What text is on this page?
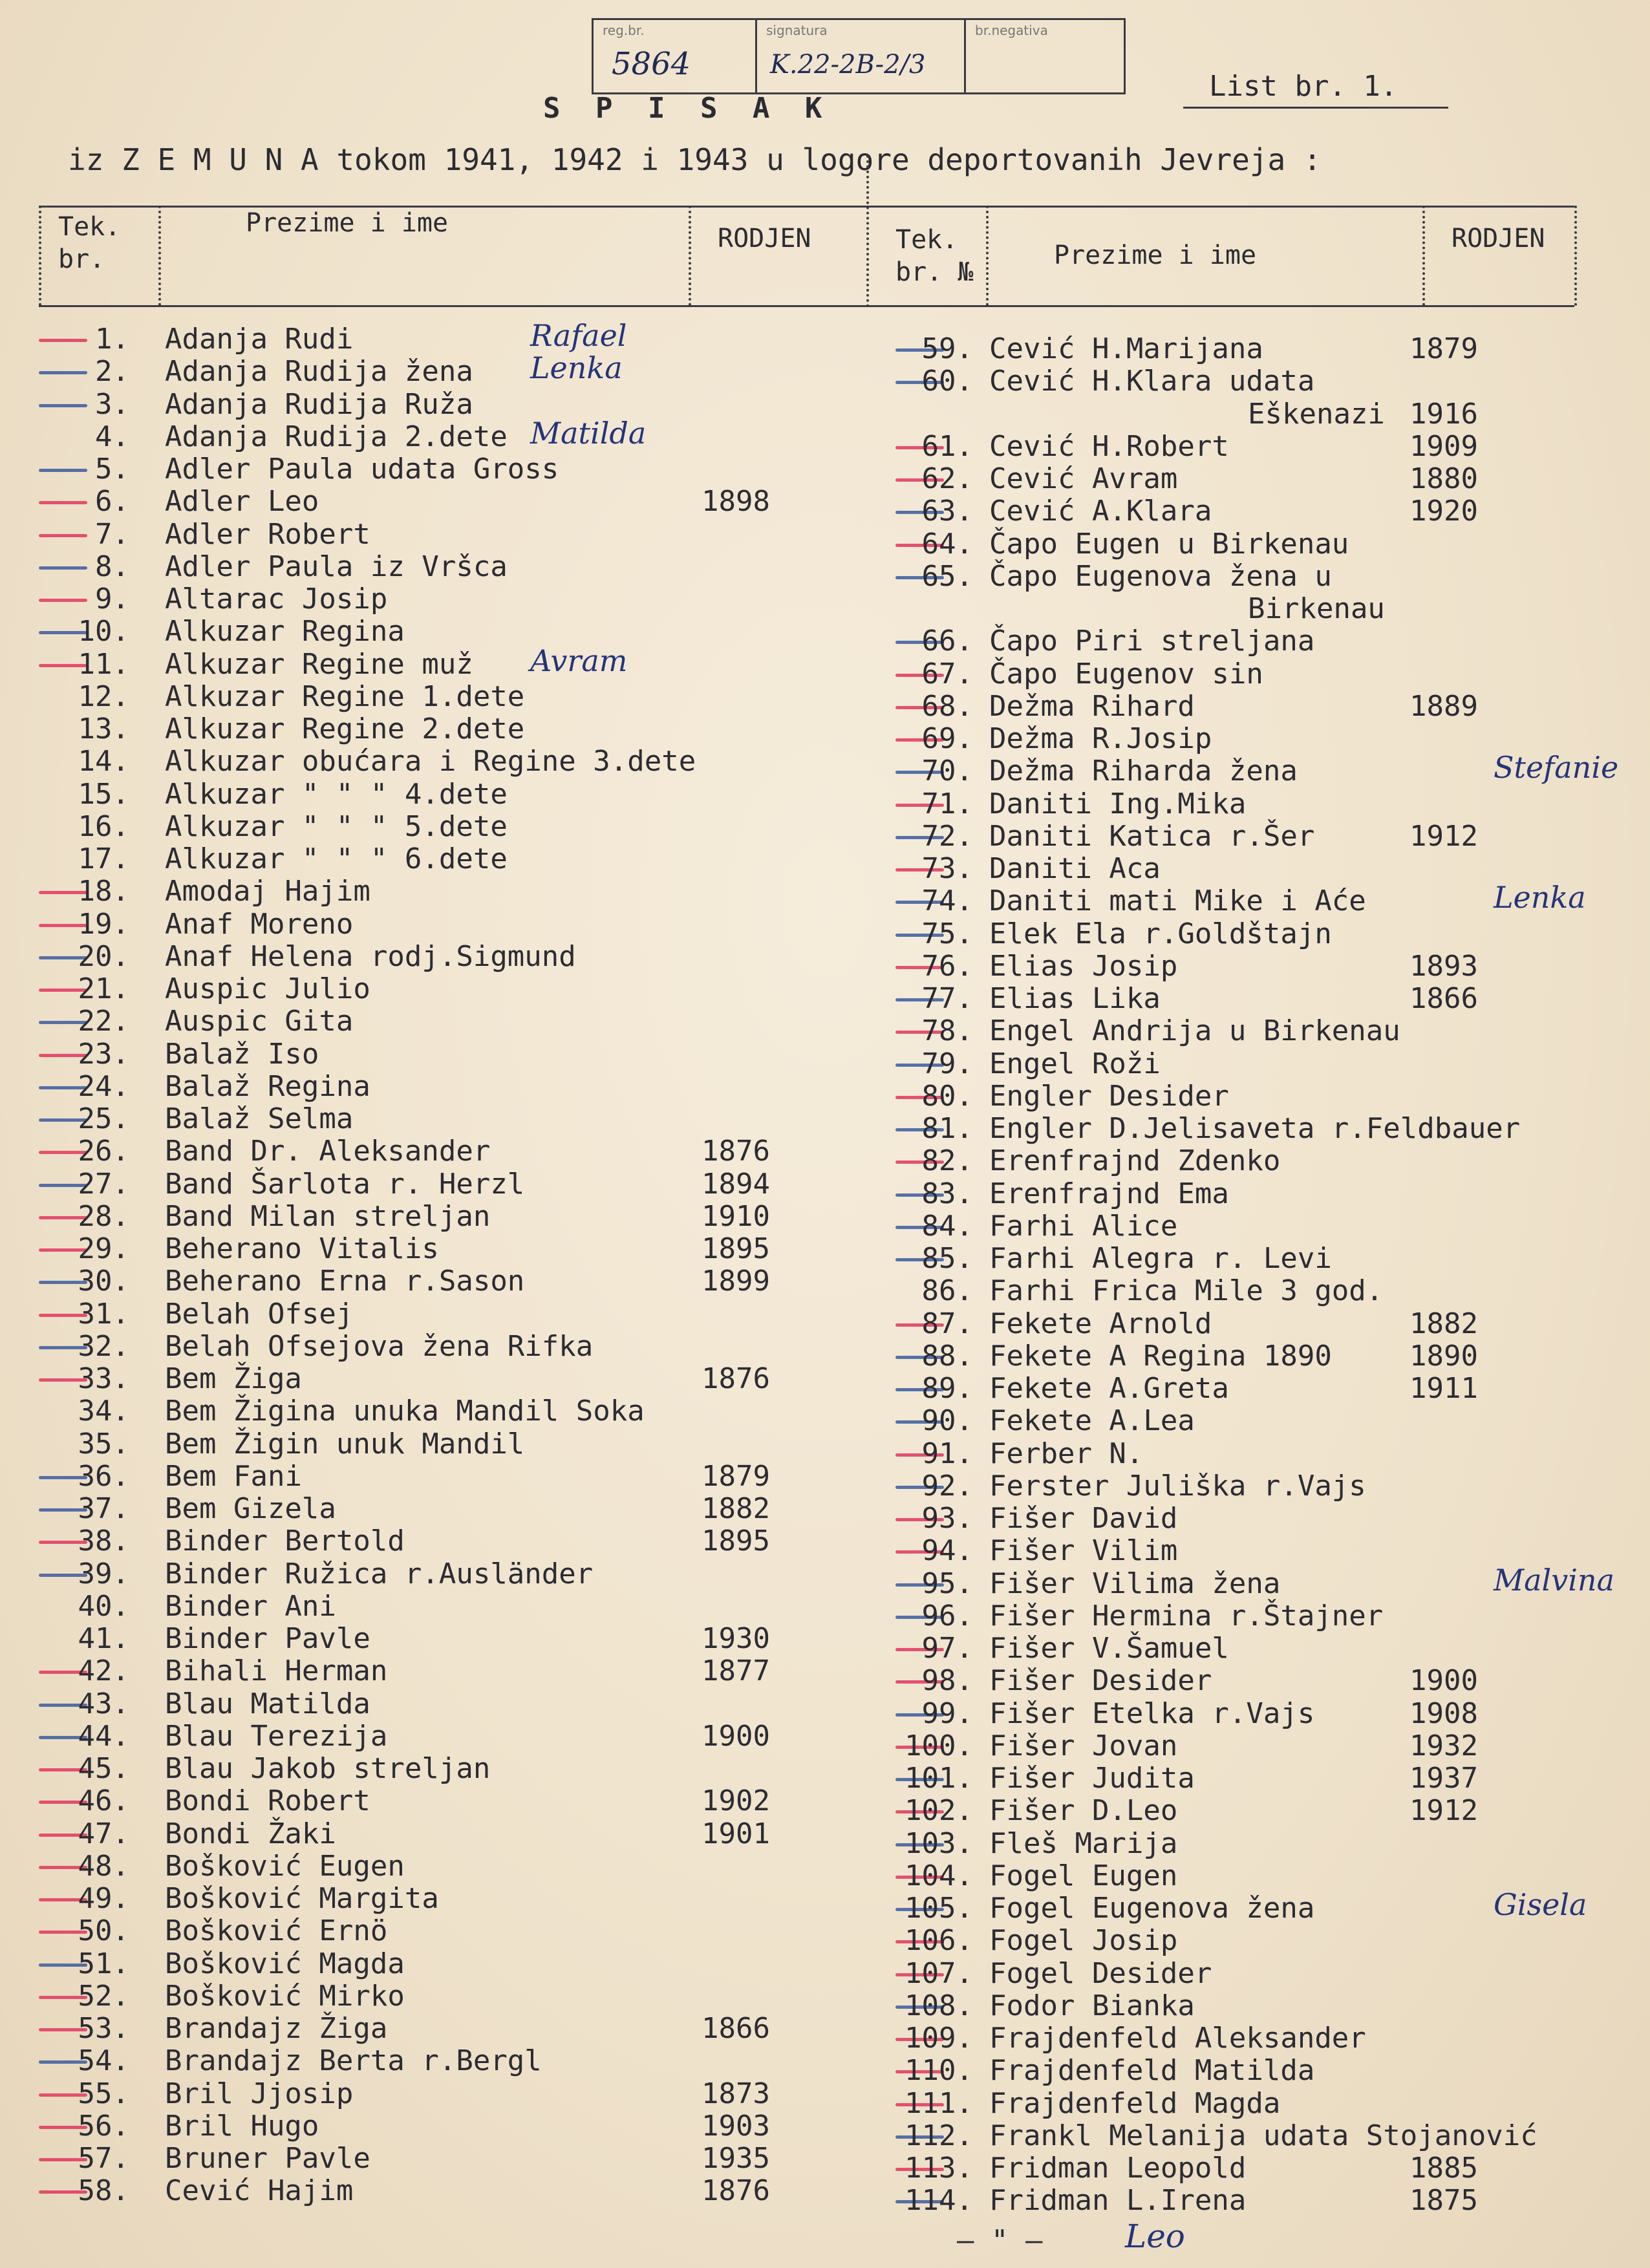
reg.br.
5864
signatura
K.22-2B-2/3
br.negativa
List br. 1.
S P I S A K
iz Z E M U N A tokom 1941, 1942 i 1943 u logore deportovanih Jevreja :
Tek.
br.
Prezime i ime
RODJEN	Tek.
br. №
Prezime i ime
RODJEN
1. Adanja Rudi	Rafael
2. Adanja Rudija žena Lenka
3. Adanja Rudija Ruža
4. Adanja Rudija 2.dete Matilda
5. Adler Paula udata Gross
6. Adler Leo	1898
7. Adler Robert
8. Adler Paula iz Vršca
9. Altarac Josip
10. Alkuzar Regina
11. Alkuzar Regine muž Avram
12. Alkuzar Regine 1.dete
13. Alkuzar Regine 2.dete
14. Alkuzar obućara i Regine 3.dete
15. Alkuzar " " " 4.dete
16. Alkuzar " " " 5.dete
17. Alkuzar " " " 6.dete
18. Amodaj Hajim
19. Anaf Moreno
20. Anaf Helena rodj.Sigmund
21. Auspic Julio
22. Auspic Gita
23. Balaž Iso
24. Balaž Regina
25. Balaž Selma
26. Band Dr. Aleksander	1876
27. Band Šarlota r. Herzl	1894
28. Band Milan streljan	1910
29. Beherano Vitalis	1895
30. Beherano Erna r.Sason	1899
31. Belah Ofsej
32. Belah Ofsejova žena Rifka
33. Bem Žiga	1876
34. Bem Žigina unuka Mandil Soka
35. Bem Žigin unuk Mandil
36. Bem Fani	1879
37. Bem Gizela	1882
38. Binder Bertold	1895
39. Binder Ružica r.Ausländer
40. Binder Ani
41. Binder Pavle	1930
42. Bihali Herman	1877
43. Blau Matilda
44. Blau Terezija	1900
45. Blau Jakob streljan
46. Bondi Robert	1902
47. Bondi Žaki	1901
48. Bošković Eugen
49. Bošković Margita
50. Bošković Ernö
51. Bošković Magda
52. Bošković Mirko
53. Brandajz Žiga	1866
54. Brandajz Berta r.Bergl
55. Bril Jjosip	1873
56. Bril Hugo	1903
57. Bruner Pavle	1935
58. Cević Hajim	1876
59. Cević H.Marijana	1879
60. Cević H.Klara udata
Eškenazi 1916
61. Cević H.Robert	1909
62. Cević Avram	1880
63. Cević A.Klara	1920
64. Čapo Eugen u Birkenau
65. Čapo Eugenova žena u
Birkenau
66. Čapo Piri streljana
67. Čapo Eugenov sin
68. Dežma Rihard	1889
69. Dežma R.Josip
70. Dežma Riharda žena	Stefanie
71. Daniti Ing.Mika
72. Daniti Katica r.Šer	1912
73. Daniti Aca
74. Daniti mati Mike i Aće	Lenka
75. Elek Ela r.Goldštajn
76. Elias Josip	1893
77. Elias Lika	1866
78. Engel Andrija u Birkenau
79. Engel Roži
80. Engler Desider
81. Engler D.Jelisaveta r.Feldbauer
82. Erenfrajnd Zdenko
83. Erenfrajnd Ema
84. Farhi Alice
85. Farhi Alegra r. Levi
86. Farhi Frica Mile 3 god.
87. Fekete Arnold	1882
88. Fekete A Regina 1890	1890
89. Fekete A.Greta	1911
90. Fekete A.Lea
91. Ferber N.
92. Ferster Juliška r.Vajs
93. Fišer David
94. Fišer Vilim
95. Fišer Vilima žena	Malvina
96. Fišer Hermina r.Štajner
97. Fišer V.Šamuel
98. Fišer Desider	1900
99. Fišer Etelka r.Vajs	1908
100. Fišer Jovan	1932
101. Fišer Judita	1937
102. Fišer D.Leo	1912
103. Fleš Marija
104. Fogel Eugen
105. Fogel Eugenova žena	Gisela
106. Fogel Josip
107. Fogel Desider
108. Fodor Bianka
109. Frajdenfeld Aleksander
110. Frajdenfeld Matilda
111. Frajdenfeld Magda
112. Frankl Melanija udata Stojanović
113. Fridman Leopold	1885
114. Fridman L.Irena	1875
— " —	Leo
